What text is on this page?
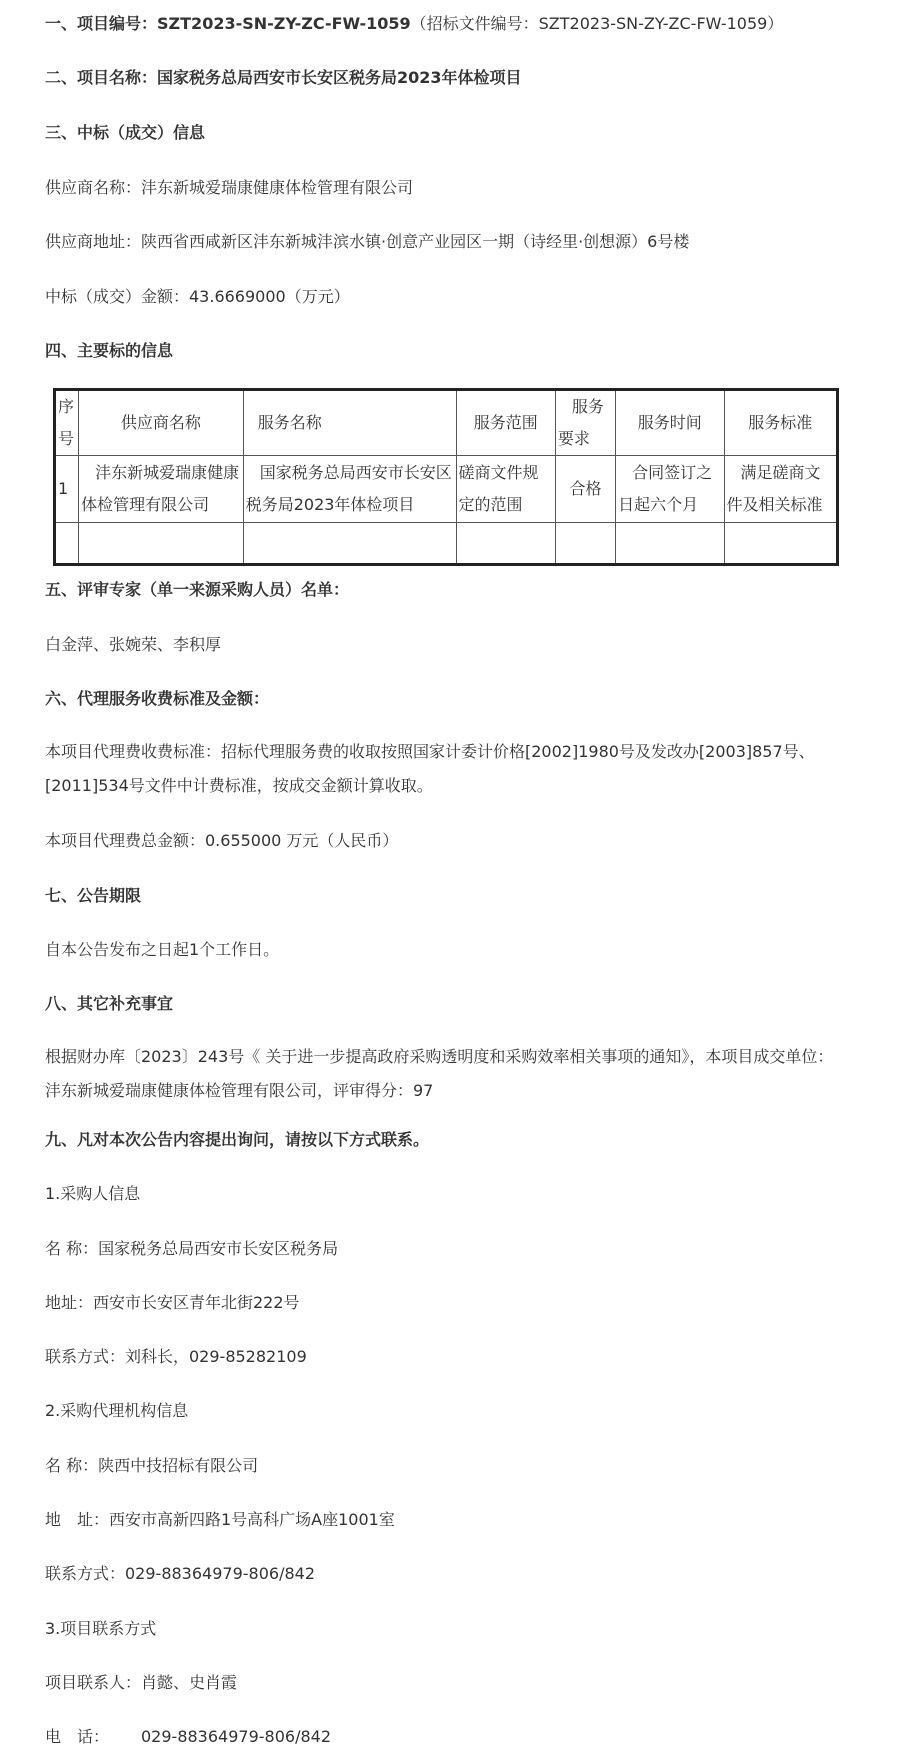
一、项目编号：SZT2023-SN-ZY-ZC-FW-1059（招标文件编号：SZT2023-SN-ZY-ZC-FW-1059）
二、项目名称：国家税务总局西安市长安区税务局2023年体检项目
三、中标（成交）信息
供应商名称：沣东新城爱瑞康健康体检管理有限公司
供应商地址：陕西省西咸新区沣东新城沣滨水镇·创意产业园区一期（诗经里·创想源）6号楼
中标（成交）金额：43.6669000（万元）
四、主要标的信息
序号	供应商名称	服务名称	服务范围	服务要求	服务时间	服务标准
1	沣东新城爱瑞康健康体检管理有限公司	国家税务总局西安市长安区税务局2023年体检项目	磋商文件规定的范围	合格	合同签订之日起六个月	满足磋商文件及相关标准

五、评审专家（单一来源采购人员）名单：
白金萍、张婉荣、李积厚
六、代理服务收费标准及金额：
本项目代理费收费标准：招标代理服务费的收取按照国家计委计价格[2002]1980号及发改办[2003]857号、[2011]534号文件中计费标准，按成交金额计算收取。
本项目代理费总金额：0.655000 万元（人民币）
七、公告期限
自本公告发布之日起1个工作日。
八、其它补充事宜
根据财办库〔2023〕243号《 关于进一步提高政府采购透明度和采购效率相关事项的通知》，本项目成交单位：沣东新城爱瑞康健康体检管理有限公司，评审得分：97
九、凡对本次公告内容提出询问，请按以下方式联系。
1.采购人信息
名 称：国家税务总局西安市长安区税务局
地址：西安市长安区青年北街222号
联系方式：刘科长，029-85282109
2.采购代理机构信息
名 称：陕西中技招标有限公司
地　址：西安市高新四路1号高科广场A座1001室
联系方式：029-88364979-806/842
3.项目联系方式
项目联系人：肖懿、史肖霞
电　话： 029-88364979-806/842
